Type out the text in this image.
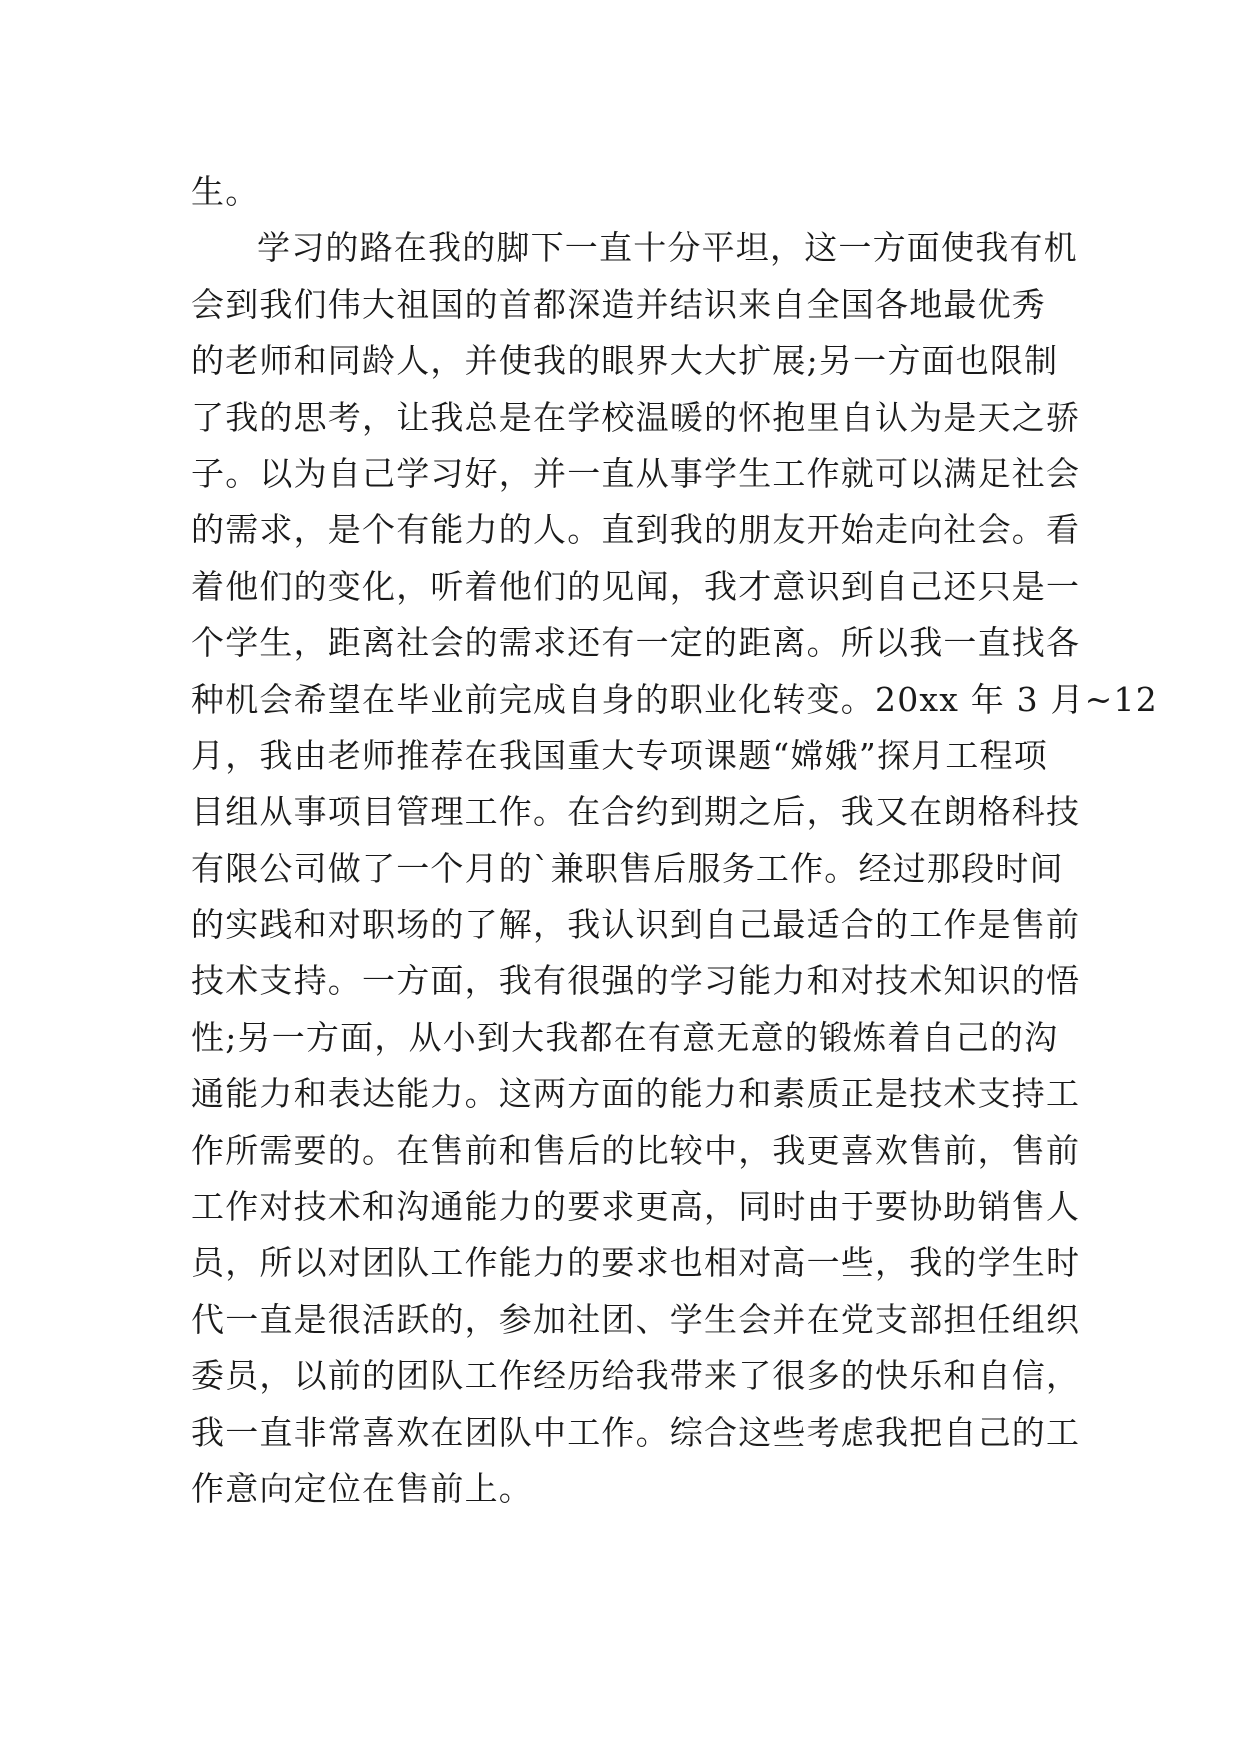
生。
学习的路在我的脚下一直十分平坦，这一方面使我有机
会到我们伟大祖国的首都深造并结识来自全国各地最优秀
的老师和同龄人，并使我的眼界大大扩展;另一方面也限制
了我的思考，让我总是在学校温暖的怀抱里自认为是天之骄
子。以为自己学习好，并一直从事学生工作就可以满足社会
的需求，是个有能力的人。直到我的朋友开始走向社会。看
着他们的变化，听着他们的见闻，我才意识到自己还只是一
个学生，距离社会的需求还有一定的距离。所以我一直找各
种机会希望在毕业前完成自身的职业化转变。20xx 年 3 月~12
月，我由老师推荐在我国重大专项课题“嫦娥”探月工程项
目组从事项目管理工作。在合约到期之后，我又在朗格科技
有限公司做了一个月的`兼职售后服务工作。经过那段时间
的实践和对职场的了解，我认识到自己最适合的工作是售前
技术支持。一方面，我有很强的学习能力和对技术知识的悟
性;另一方面，从小到大我都在有意无意的锻炼着自己的沟
通能力和表达能力。这两方面的能力和素质正是技术支持工
作所需要的。在售前和售后的比较中，我更喜欢售前，售前
工作对技术和沟通能力的要求更高，同时由于要协助销售人
员，所以对团队工作能力的要求也相对高一些，我的学生时
代一直是很活跃的，参加社团、学生会并在党支部担任组织
委员，以前的团队工作经历给我带来了很多的快乐和自信，
我一直非常喜欢在团队中工作。综合这些考虑我把自己的工
作意向定位在售前上。
